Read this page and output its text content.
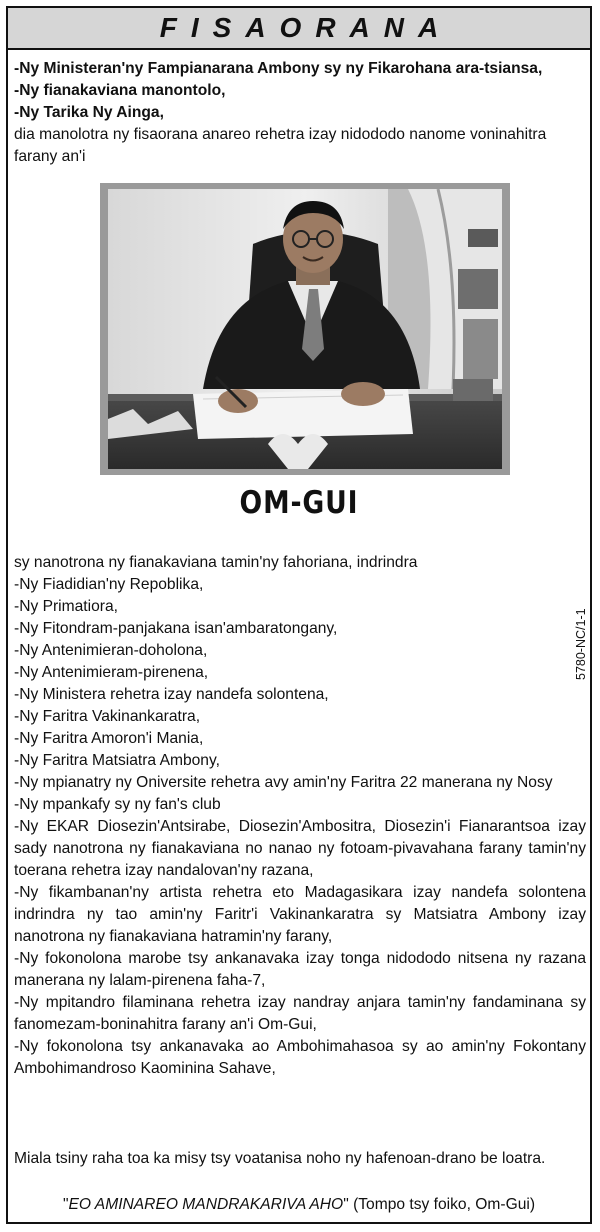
FISAORANA
-Ny Ministeran'ny Fampianarana Ambony sy ny Fikarohana ara-tsiansa,
-Ny fianakaviana manontolo,
-Ny Tarika Ny Ainga,
dia manolotra ny fisaorana anareo rehetra izay nidododo nanome voninahitra farany an'i
OM-GUI
sy nanotrona ny fianakaviana tamin'ny fahoriana, indrindra
-Ny Fiadidian'ny Repoblika,
-Ny Primatiora,
-Ny Fitondram-panjakana isan'ambaratongany,
-Ny Antenimieran-doholona,
-Ny Antenimieram-pirenena,
-Ny Ministera rehetra izay nandefa solontena,
-Ny Faritra Vakinankaratra,
-Ny Faritra Amoron'i Mania,
-Ny Faritra Matsiatra Ambony,
-Ny mpianatry ny Oniversite rehetra avy amin'ny Faritra 22 manerana ny Nosy
-Ny mpankafy sy ny fan's club
-Ny EKAR Diosezin'Antsirabe, Diosezin'Ambositra, Diosezin'i Fianarantsoa izay sady nanotrona ny fianakaviana no nanao ny fotoam-pivavahana farany tamin'ny toerana rehetra izay nandalovan'ny razana,
-Ny fikambanan'ny artista rehetra eto Madagasikara izay nandefa solontena indrindra ny tao amin'ny Faritr'i Vakinankaratra sy Matsiatra Ambony izay nanotrona ny fianakaviana hatramin'ny farany,
-Ny fokonolona marobe tsy ankanavaka izay tonga nidododo nitsena ny razana manerana ny lalam-pirenena faha-7,
-Ny mpitandro filaminana rehetra izay nandray anjara tamin'ny fandaminana sy fanomezam-boninahitra farany an'i Om-Gui,
-Ny fokonolona tsy ankanavaka ao Ambohimahasoa sy ao amin'ny Fokontany Ambohimandroso Kaominina Sahave,
5780-NC/1-1
Miala tsiny raha toa ka misy tsy voatanisa noho ny hafenoan-drano be loatra.
"EO AMINAREO MANDRAKARIVA AHO" (Tompo tsy foiko, Om-Gui)
